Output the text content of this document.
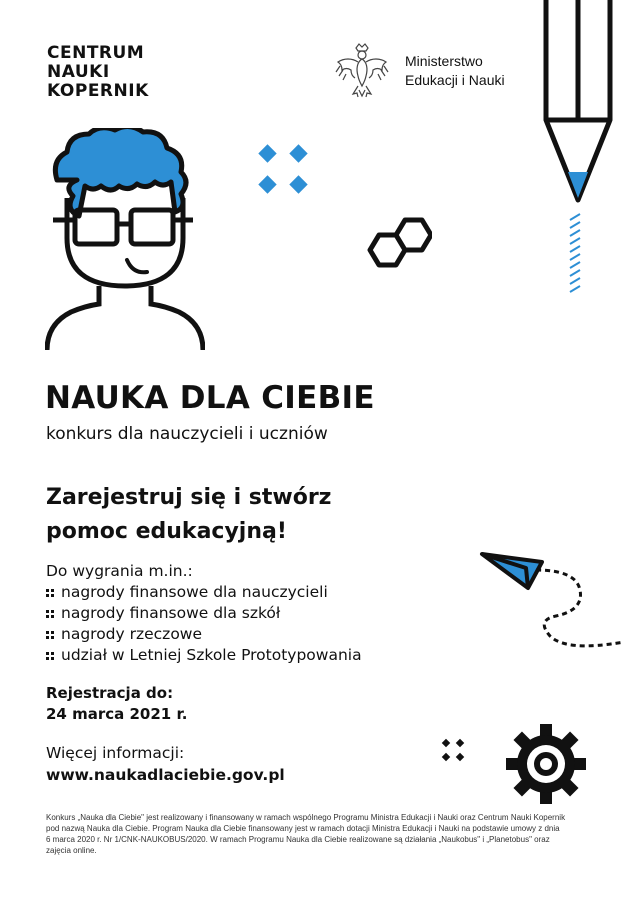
CENTRUM
NAUKI
KOPERNIK
Ministerstwo
Edukacji i Nauki
NAUKA DLA CIEBIE
konkurs dla nauczycieli i uczniów
Zarejestruj się i stwórz
pomoc edukacyjną!
Do wygrania m.in.:
nagrody finansowe dla nauczycieli
nagrody finansowe dla szkół
nagrody rzeczowe
udział w Letniej Szkole Prototypowania
Rejestracja do:
24 marca 2021 r.
Więcej informacji:
www.naukadlaciebie.gov.pl
Konkurs „Nauka dla Ciebie" jest realizowany i finansowany w ramach wspólnego Programu Ministra Edukacji i Nauki oraz Centrum Nauki Kopernik pod nazwą Nauka dla Ciebie. Program Nauka dla Ciebie finansowany jest w ramach dotacji Ministra Edukacji i Nauki na podstawie umowy z dnia 6 marca 2020 r. Nr 1/CNK-NAUKOBUS/2020. W ramach Programu Nauka dla Ciebie realizowane są działania „Naukobus" i „Planetobus" oraz zajęcia online.
